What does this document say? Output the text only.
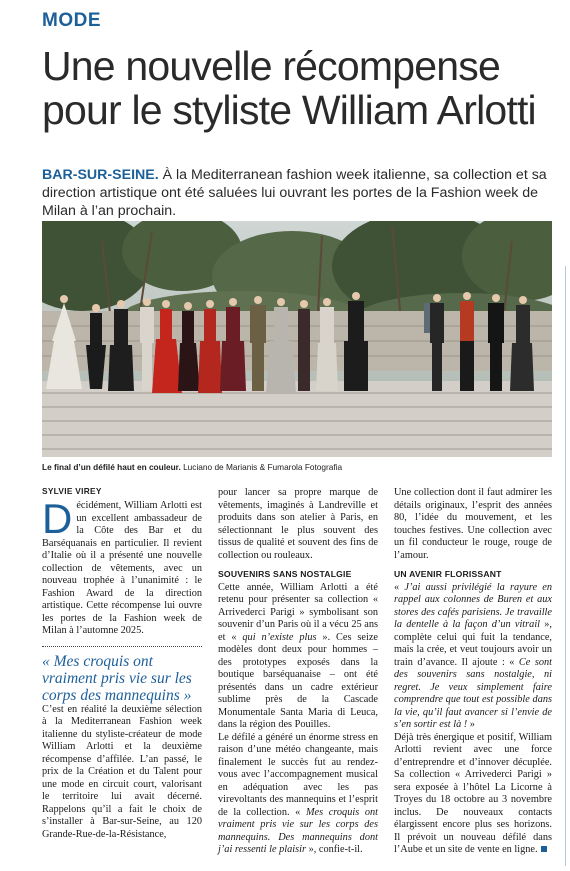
MODE
Une nouvelle récompense pour le styliste William Arlotti
BAR-SUR-SEINE. À la Mediterranean fashion week italienne, sa collection et sa direction artistique ont été saluées lui ouvrant les portes de la Fashion week de Milan à l’an prochain.
Le final d’un défilé haut en couleur. Luciano de Marianis & Fumarola Fotografia
SYLVIE VIREY

Décidément, William Arlotti est un excellent ambassadeur de la Côte des Bar et du Barséquanais en particulier. Il revient d’Italie où il a présenté une nouvelle collection de vêtements, avec un nouveau trophée à l’unanimité : le Fashion Award de la direction artistique. Cette récompense lui ouvre les portes de la Fashion week de Milan à l’automne 2025.

« Mes croquis ont vraiment pris vie sur les corps des mannequins »

C’est en réalité la deuxième sélection à la Mediterranean Fashion week italienne du styliste-créateur de mode William Arlotti et la deuxième récompense d’affilée. L’an passé, le prix de la Création et du Talent pour une mode en circuit court, valorisant le territoire lui avait décerné. Rappelons qu’il a fait le choix de s’installer à Bar-sur-Seine, au 120 Grande-Rue-de-la-Résistance,

pour lancer sa propre marque de vêtements, imaginés à Landreville et produits dans son atelier à Paris, en sélectionnant le plus souvent des tissus de qualité et souvent des fins de collection ou rouleaux.

SOUVENIRS SANS NOSTALGIE

Cette année, William Arlotti a été retenu pour présenter sa collection « Arrivederci Parigi » symbolisant son souvenir d’un Paris où il a vécu 25 ans et « qui n’existe plus ». Ces seize modèles dont deux pour hommes – des prototypes exposés dans la boutique barséquanaise – ont été présentés dans un cadre extérieur sublime près de la Cascade Monumentale Santa Maria di Leuca, dans la région des Pouilles.

Le défilé a généré un énorme stress en raison d’une météo changeante, mais finalement le succès fut au rendez-vous avec l’accompagnement musical en adéquation avec les pas virevoltants des mannequins et l’esprit de la collection. « Mes croquis ont vraiment pris vie sur les corps des mannequins. Des mannequins dont j’ai ressenti le plaisir », confie-t-il.

Une collection dont il faut admirer les détails originaux, l’esprit des années 80, l’idée du mouvement, et les touches festives. Une collection avec un fil conducteur le rouge, rouge de l’amour.

UN AVENIR FLORISSANT

« J’ai aussi privilégié la rayure en rappel aux colonnes de Buren et aux stores des cafés parisiens. Je travaille la dentelle à la façon d’un vitrail », complète celui qui fuit la tendance, mais la crée, et veut toujours avoir un train d’avance. Il ajoute : « Ce sont des souvenirs sans nostalgie, ni regret. Je veux simplement faire comprendre que tout est possible dans la vie, qu’il faut avancer si l’envie de s’en sortir est là ! »

Déjà très énergique et positif, William Arlotti revient avec une force d’entreprendre et d’innover décuplée. Sa collection « Arrivederci Parigi » sera exposée à l’hôtel La Licorne à Troyes du 18 octobre au 3 novembre inclus. De nouveaux contacts élargissent encore plus ses horizons. Il prévoit un nouveau défilé dans l’Aube et un site de vente en ligne.
